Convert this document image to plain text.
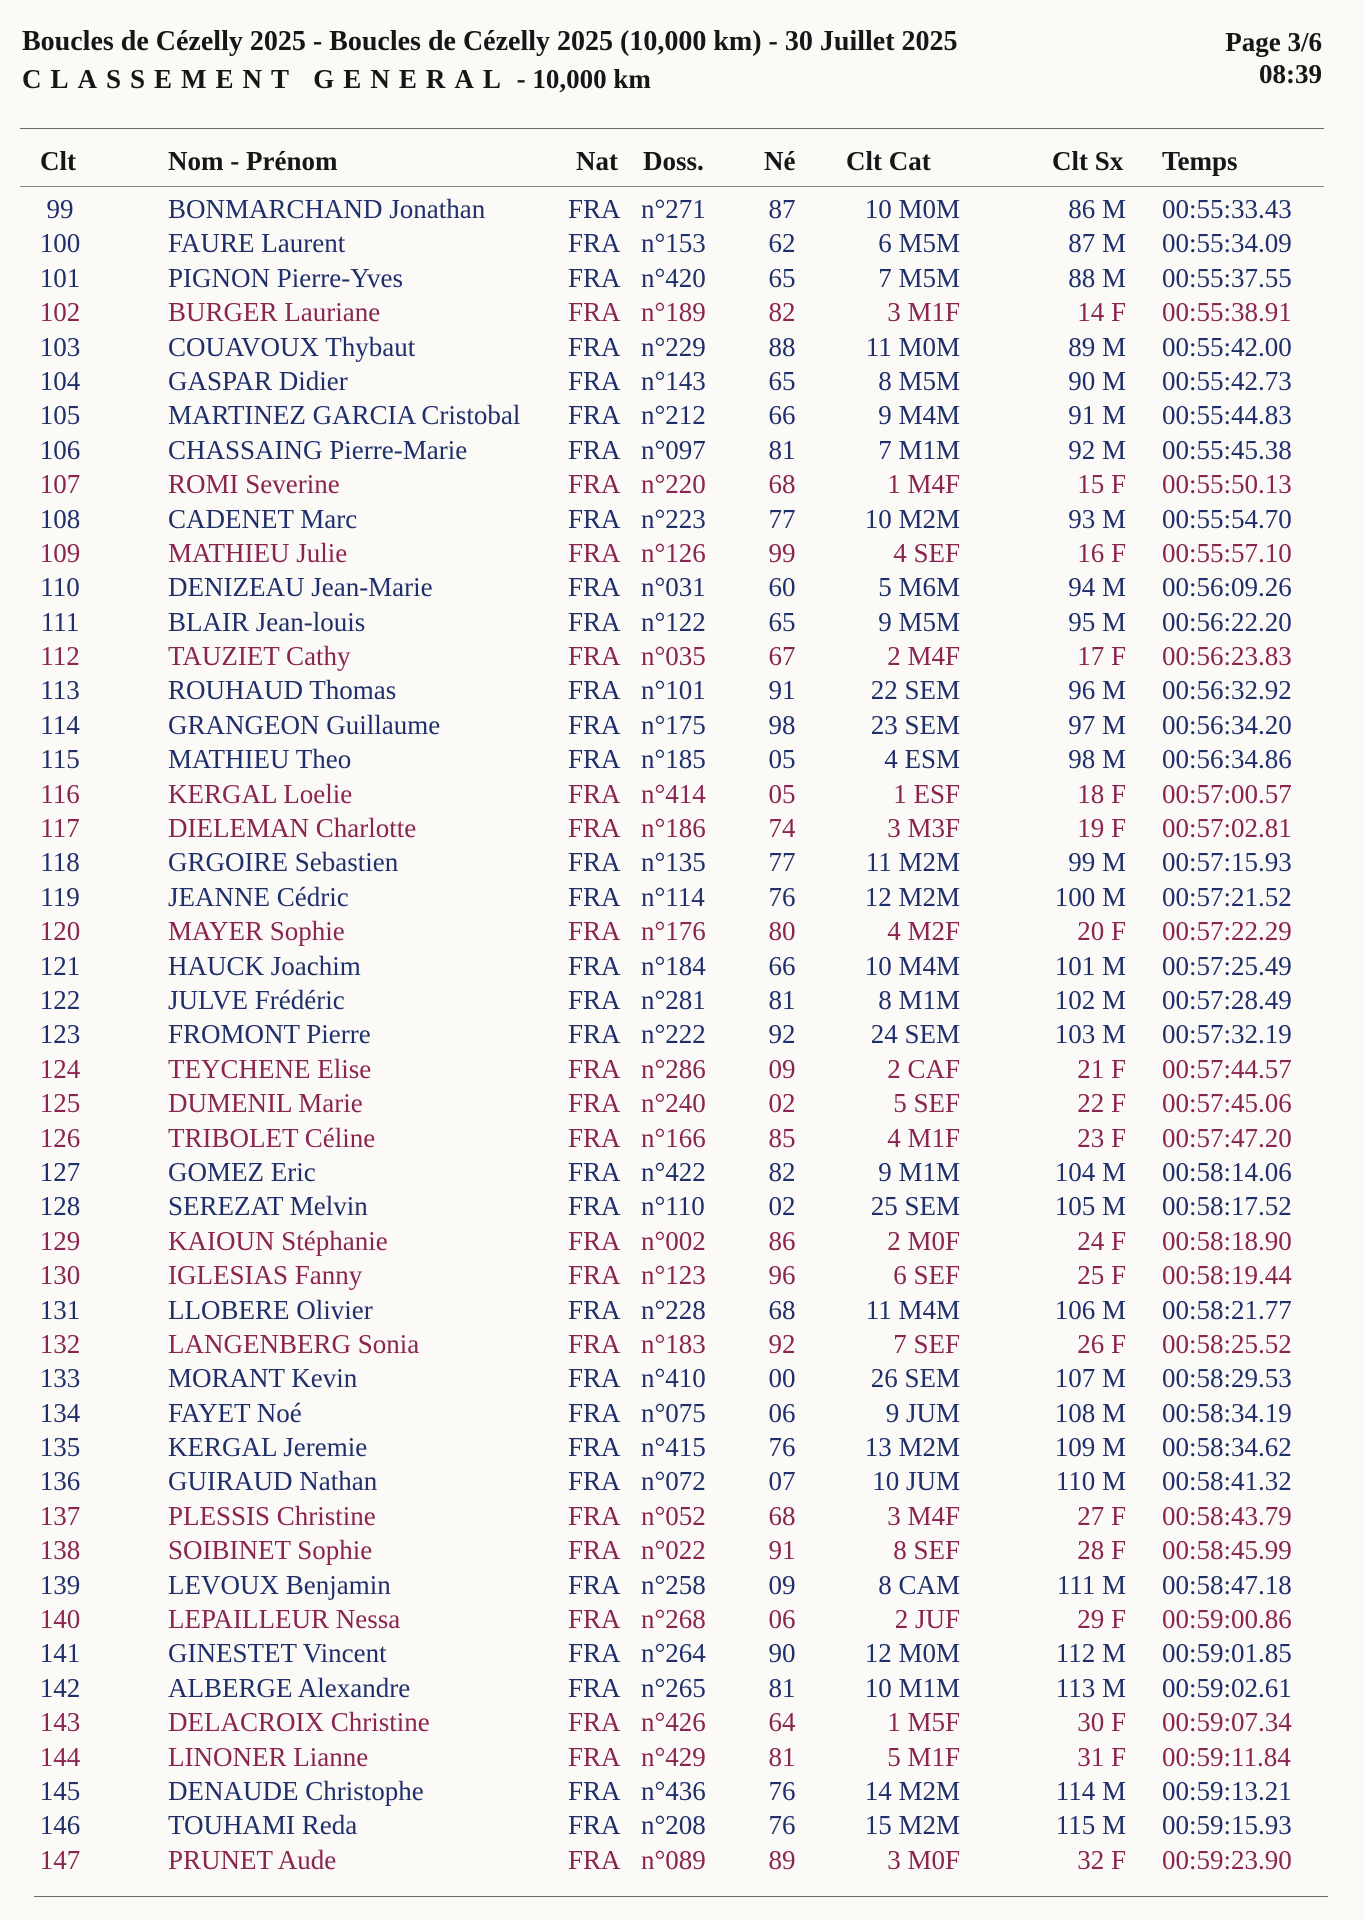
Boucles de Cézelly 2025 - Boucles de Cézelly 2025 (10,000 km) - 30 Juillet 2025
CLASSEMENT GENERAL - 10,000 km
Page 3/6
08:39
Clt	Nom - Prénom	Nat Doss. Né Clt Cat	Clt Sx Temps
99	BONMARCHAND Jonathan	FRA n°271	87	10 M0M	86 M 00:55:33.43
100	FAURE Laurent	FRA n°153	62	6 M5M	87 M 00:55:34.09
101	PIGNON Pierre-Yves	FRA n°420	65	7 M5M	88 M 00:55:37.55
102	BURGER Lauriane	FRA n°189	82	3 M1F	14 F 00:55:38.91
103	COUAVOUX Thybaut	FRA n°229	88	11 M0M	89 M 00:55:42.00
104	GASPAR Didier	FRA n°143	65	8 M5M	90 M 00:55:42.73
105	MARTINEZ GARCIA Cristobal FRA n°212	66	9 M4M	91 M 00:55:44.83
106	CHASSAING Pierre-Marie	FRA n°097	81	7 M1M	92 M 00:55:45.38
107	ROMI Severine	FRA n°220	68	1 M4F	15 F 00:55:50.13
108	CADENET Marc	FRA n°223	77	10 M2M	93 M 00:55:54.70
109	MATHIEU Julie	FRA n°126	99	4 SEF	16 F 00:55:57.10
110	DENIZEAU Jean-Marie	FRA n°031	60	5 M6M	94 M 00:56:09.26
111	BLAIR Jean-louis	FRA n°122	65	9 M5M	95 M 00:56:22.20
112	TAUZIET Cathy	FRA n°035	67	2 M4F	17 F 00:56:23.83
113	ROUHAUD Thomas	FRA n°101	91	22 SEM	96 M 00:56:32.92
114	GRANGEON Guillaume	FRA n°175	98	23 SEM	97 M 00:56:34.20
115	MATHIEU Theo	FRA n°185	05	4 ESM	98 M 00:56:34.86
116	KERGAL Loelie	FRA n°414	05	1 ESF	18 F 00:57:00.57
117	DIELEMAN Charlotte	FRA n°186	74	3 M3F	19 F 00:57:02.81
118	GRGOIRE Sebastien	FRA n°135	77	11 M2M	99 M 00:57:15.93
119	JEANNE Cédric	FRA n°114	76	12 M2M	100 M 00:57:21.52
120	MAYER Sophie	FRA n°176	80	4 M2F	20 F 00:57:22.29
121	HAUCK Joachim	FRA n°184	66	10 M4M	101 M 00:57:25.49
122	JULVE Frédéric	FRA n°281	81	8 M1M	102 M 00:57:28.49
123	FROMONT Pierre	FRA n°222	92	24 SEM	103 M 00:57:32.19
124	TEYCHENE Elise	FRA n°286	09	2 CAF	21 F 00:57:44.57
125	DUMENIL Marie	FRA n°240	02	5 SEF	22 F 00:57:45.06
126	TRIBOLET Céline	FRA n°166	85	4 M1F	23 F 00:57:47.20
127	GOMEZ Eric	FRA n°422	82	9 M1M	104 M 00:58:14.06
128	SEREZAT Melvin	FRA n°110	02	25 SEM	105 M 00:58:17.52
129	KAIOUN Stéphanie	FRA n°002	86	2 M0F	24 F 00:58:18.90
130	IGLESIAS Fanny	FRA n°123	96	6 SEF	25 F 00:58:19.44
131	LLOBERE Olivier	FRA n°228	68	11 M4M	106 M 00:58:21.77
132	LANGENBERG Sonia	FRA n°183	92	7 SEF	26 F 00:58:25.52
133	MORANT Kevin	FRA n°410	00	26 SEM	107 M 00:58:29.53
134	FAYET Noé	FRA n°075	06	9 JUM	108 M 00:58:34.19
135	KERGAL Jeremie	FRA n°415	76	13 M2M	109 M 00:58:34.62
136	GUIRAUD Nathan	FRA n°072	07	10 JUM	110 M 00:58:41.32
137	PLESSIS Christine	FRA n°052	68	3 M4F	27 F 00:58:43.79
138	SOIBINET Sophie	FRA n°022	91	8 SEF	28 F 00:58:45.99
139	LEVOUX Benjamin	FRA n°258	09	8 CAM	111 M 00:58:47.18
140	LEPAILLEUR Nessa	FRA n°268	06	2 JUF	29 F 00:59:00.86
141	GINESTET Vincent	FRA n°264	90	12 M0M	112 M 00:59:01.85
142	ALBERGE Alexandre	FRA n°265	81	10 M1M	113 M 00:59:02.61
143	DELACROIX Christine	FRA n°426	64	1 M5F	30 F 00:59:07.34
144	LINONER Lianne	FRA n°429	81	5 M1F	31 F 00:59:11.84
145	DENAUDE Christophe	FRA n°436	76	14 M2M	114 M 00:59:13.21
146	TOUHAMI Reda	FRA n°208	76	15 M2M	115 M 00:59:15.93
147	PRUNET Aude	FRA n°089	89	3 M0F	32 F 00:59:23.90
